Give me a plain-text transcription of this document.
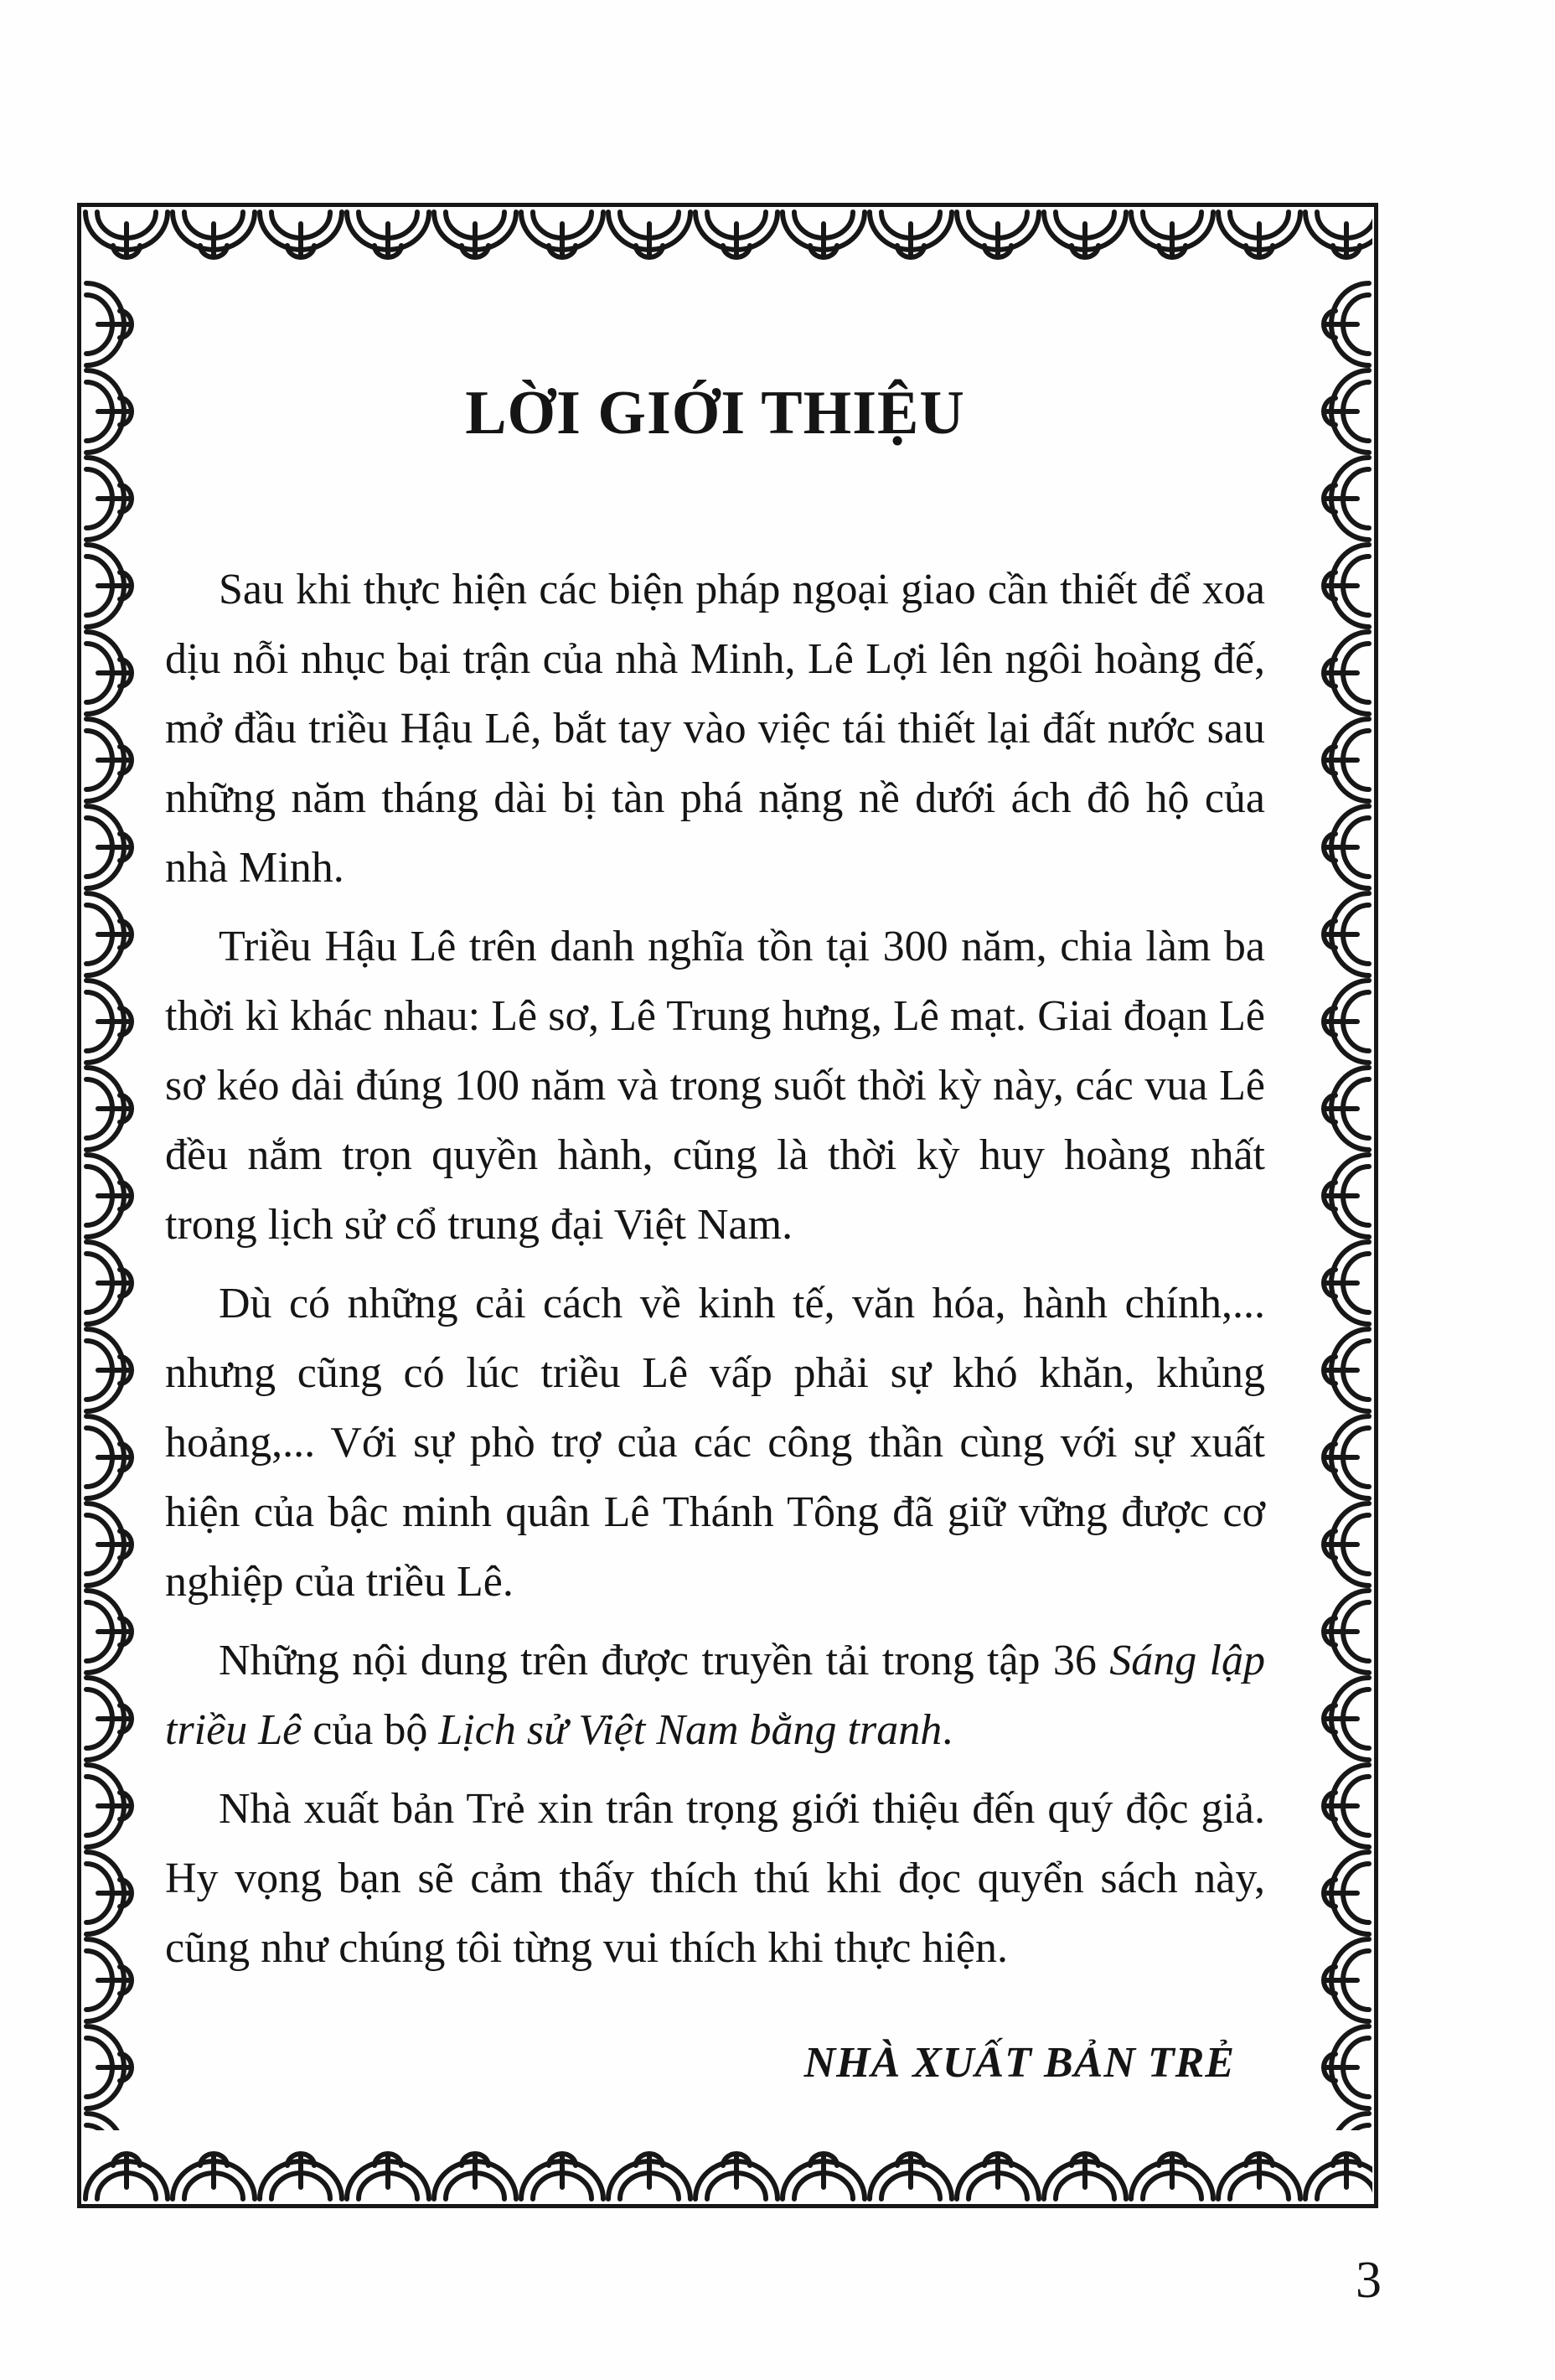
LỜI GIỚI THIỆU

Sau khi thực hiện các biện pháp ngoại giao cần thiết để xoa dịu nỗi nhục bại trận của nhà Minh, Lê Lợi lên ngôi hoàng đế, mở đầu triều Hậu Lê, bắt tay vào việc tái thiết lại đất nước sau những năm tháng dài bị tàn phá nặng nề dưới ách đô hộ của nhà Minh.

Triều Hậu Lê trên danh nghĩa tồn tại 300 năm, chia làm ba thời kì khác nhau: Lê sơ, Lê Trung hưng, Lê mạt. Giai đoạn Lê sơ kéo dài đúng 100 năm và trong suốt thời kỳ này, các vua Lê đều nắm trọn quyền hành, cũng là thời kỳ huy hoàng nhất trong lịch sử cổ trung đại Việt Nam.

Dù có những cải cách về kinh tế, văn hóa, hành chính,... nhưng cũng có lúc triều Lê vấp phải sự khó khăn, khủng hoảng,... Với sự phò trợ của các công thần cùng với sự xuất hiện của bậc minh quân Lê Thánh Tông đã giữ vững được cơ nghiệp của triều Lê.

Những nội dung trên được truyền tải trong tập 36 Sáng lập triều Lê của bộ Lịch sử Việt Nam bằng tranh.

Nhà xuất bản Trẻ xin trân trọng giới thiệu đến quý độc giả. Hy vọng bạn sẽ cảm thấy thích thú khi đọc quyển sách này, cũng như chúng tôi từng vui thích khi thực hiện.

NHÀ XUẤT BẢN TRẺ
3
